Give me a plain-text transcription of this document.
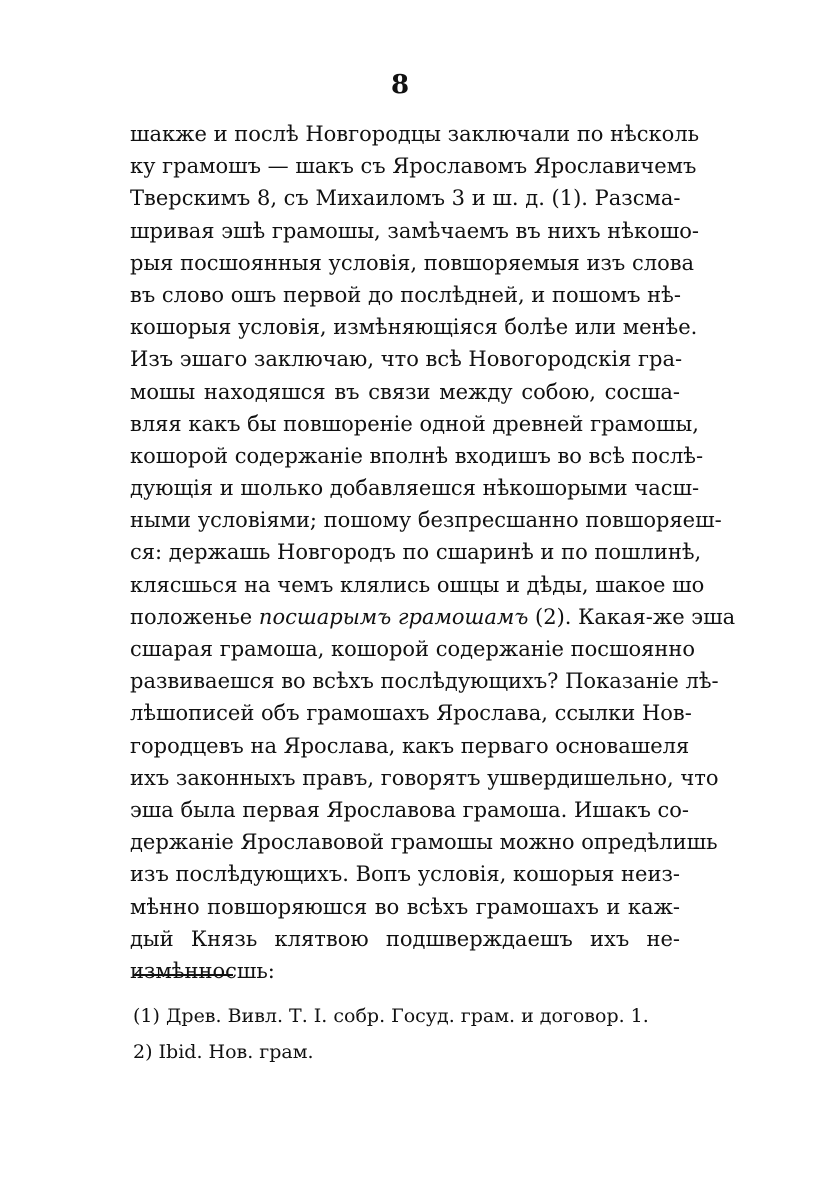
8
шакже и послѣ Новгородцы заключали по нѣсколь
ку грамошъ — шакъ съ Ярославомъ Ярославичемъ
Тверскимъ 8, съ Михаиломъ 3 и ш. д. (1). Разсма-
шривая эшѣ грамошы, замѣчаемъ въ нихъ нѣкошо-
рыя посшоянныя условія, повшоряемыя изъ слова
въ слово ошъ первой до послѣдней, и пошомъ нѣ-
кошорыя условія, измѣняющіяся болѣе или менѣе.
Изъ эшаго заключаю, что всѣ Новогородскія гра-
мошы находяшся въ связи между собою, сосша-
вляя какъ бы повшореніе одной древней грамошы,
кошорой содержаніе вполнѣ входишъ во всѣ послѣ-
дующія и шолько добавляешся нѣкошорыми часш-
ными условіями; пошому безпресшанно повшоряеш-
ся: держашь Новгородъ по сшаринѣ и по пошлинѣ,
клясшься на чемъ клялись ошцы и дѣды, шакое шо
положенье посшарымъ грамошамъ (2). Какая-же эша
сшарая грамоша, кошорой содержаніе посшоянно
развиваешся во всѣхъ послѣдующихъ? Показаніе лѣ-
лѣшописей объ грамошахъ Ярослава, ссылки Нов-
городцевъ на Ярослава, какъ перваго основашеля
ихъ законныхъ правъ, говорятъ ушвердишельно, что
эша была первая Ярославова грамоша. Ишакъ со-
держаніе Ярославовой грамошы можно опредѣлишь
изъ послѣдующихъ. Вопъ условія, кошорыя неиз-
мѣнно повшоряюшся во всѣхъ грамошахъ и каж-
дый Князь клятвою подшверждаешъ ихъ не-
измѣнносшь:
(1) Древ. Вивл. Т. I. собр. Госуд. грам. и договор. 1.
2) Ibid. Нов. грам.
